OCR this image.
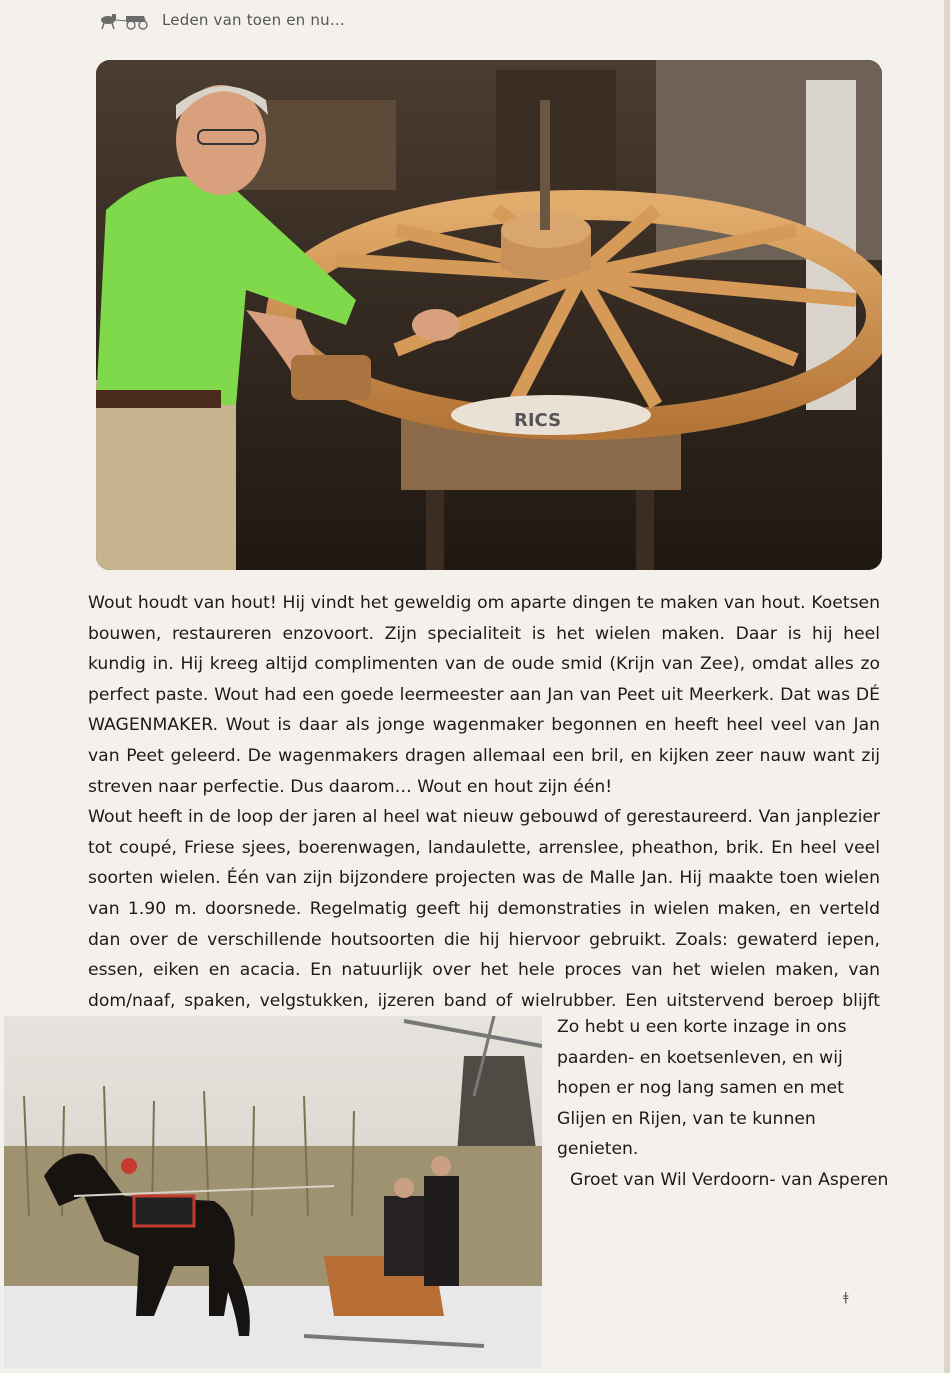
Leden van toen en nu…
RICS

Wout houdt van hout! Hij vindt het geweldig om aparte dingen te maken van hout. Koetsen bouwen, restaureren enzovoort. Zijn specialiteit is het wielen maken. Daar is hij heel kundig in. Hij kreeg altijd complimenten van de oude smid (Krijn van Zee), omdat alles zo perfect paste. Wout had een goede leermeester aan Jan van Peet uit Meerkerk. Dat was DÉ WAGENMAKER. Wout is daar als jonge wagenmaker begonnen en heeft heel veel van Jan van Peet geleerd. De wagenmakers dragen allemaal een bril, en kijken zeer nauw want zij streven naar perfectie. Dus daarom… Wout en hout zijn één!

Wout heeft in de loop der jaren al heel wat nieuw gebouwd of gerestaureerd. Van janplezier tot coupé, Friese sjees, boerenwagen, landaulette, arrenslee, pheathon, brik. En heel veel soorten wielen. Één van zijn bijzondere projecten was de Malle Jan. Hij maakte toen wielen van 1.90 m. doorsnede. Regelmatig geeft hij demonstraties in wielen maken, en verteld dan over de verschillende houtsoorten die hij hiervoor gebruikt. Zoals: gewaterd iepen, essen, eiken en acacia. En natuurlijk over het hele proces van het wielen maken, van dom/naaf, spaken, velgstukken, ijzeren band of wielrubber. Een uitstervend beroep blijft

Zo hebt u een korte inzage in ons paarden- en koetsenleven, en wij hopen er nog lang samen en met Glijen en Rijen, van te kunnen genieten.

Groet van Wil Verdoorn- van Asperen

ǂ
